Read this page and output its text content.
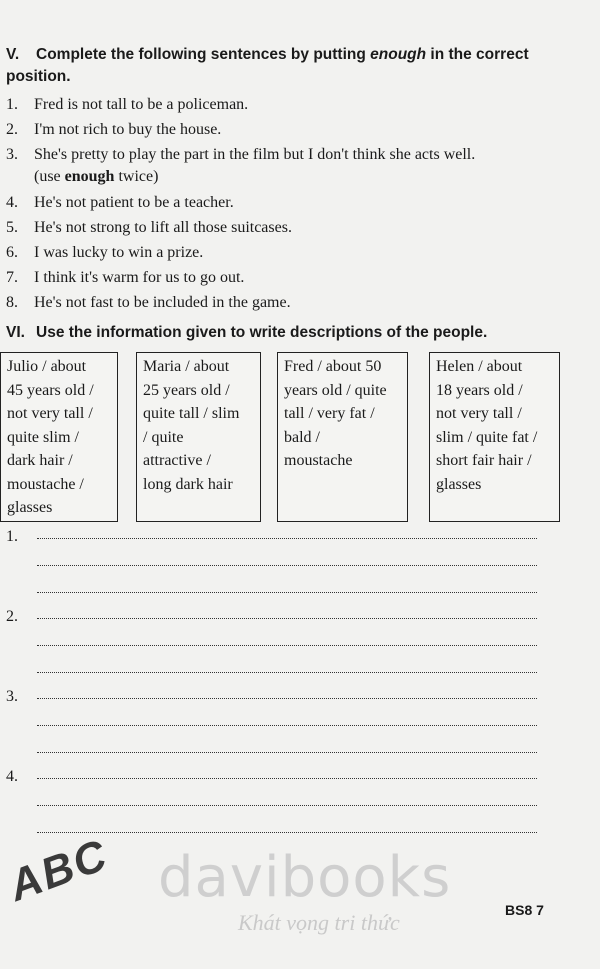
V. Complete the following sentences by putting enough in the correct position.
1. Fred is not tall to be a policeman.
2. I'm not rich to buy the house.
3. She's pretty to play the part in the film but I don't think she acts well.
(use enough twice)
4. He's not patient to be a teacher.
5. He's not strong to lift all those suitcases.
6. I was lucky to win a prize.
7. I think it's warm for us to go out.
8. He's not fast to be included in the game.
VI. Use the information given to write descriptions of the people.
Julio / about
45 years old /
not very tall /
quite slim /
dark hair /
moustache /
glasses
Maria / about
25 years old /
quite tall / slim
/ quite
attractive /
long dark hair
Fred / about 50
years old / quite
tall / very fat /
bald /
moustache
Helen / about
18 years old /
not very tall /
slim / quite fat /
short fair hair /
glasses
1.
2.
3.
4.
ABC davibooks
Khát vọng tri thức	BS8 7
